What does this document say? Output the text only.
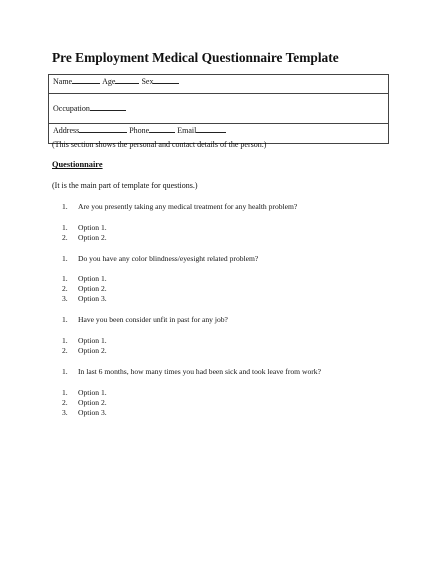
Pre Employment Medical Questionnaire Template
Name	Age	Sex
Occupation
Address	Phone	Email
(This section shows the personal and contact details of the person.)
Questionnaire
(It is the main part of template for questions.)
1. Are you presently taking any medical treatment for any health problem?
1. Option 1.
2. Option 2.
1. Do you have any color blindness/eyesight related problem?
1. Option 1.
2. Option 2.
3. Option 3.
1. Have you been consider unfit in past for any job?
1. Option 1.
2. Option 2.
1. In last 6 months, how many times you had been sick and took leave from work?
1. Option 1.
2. Option 2.
3. Option 3.
